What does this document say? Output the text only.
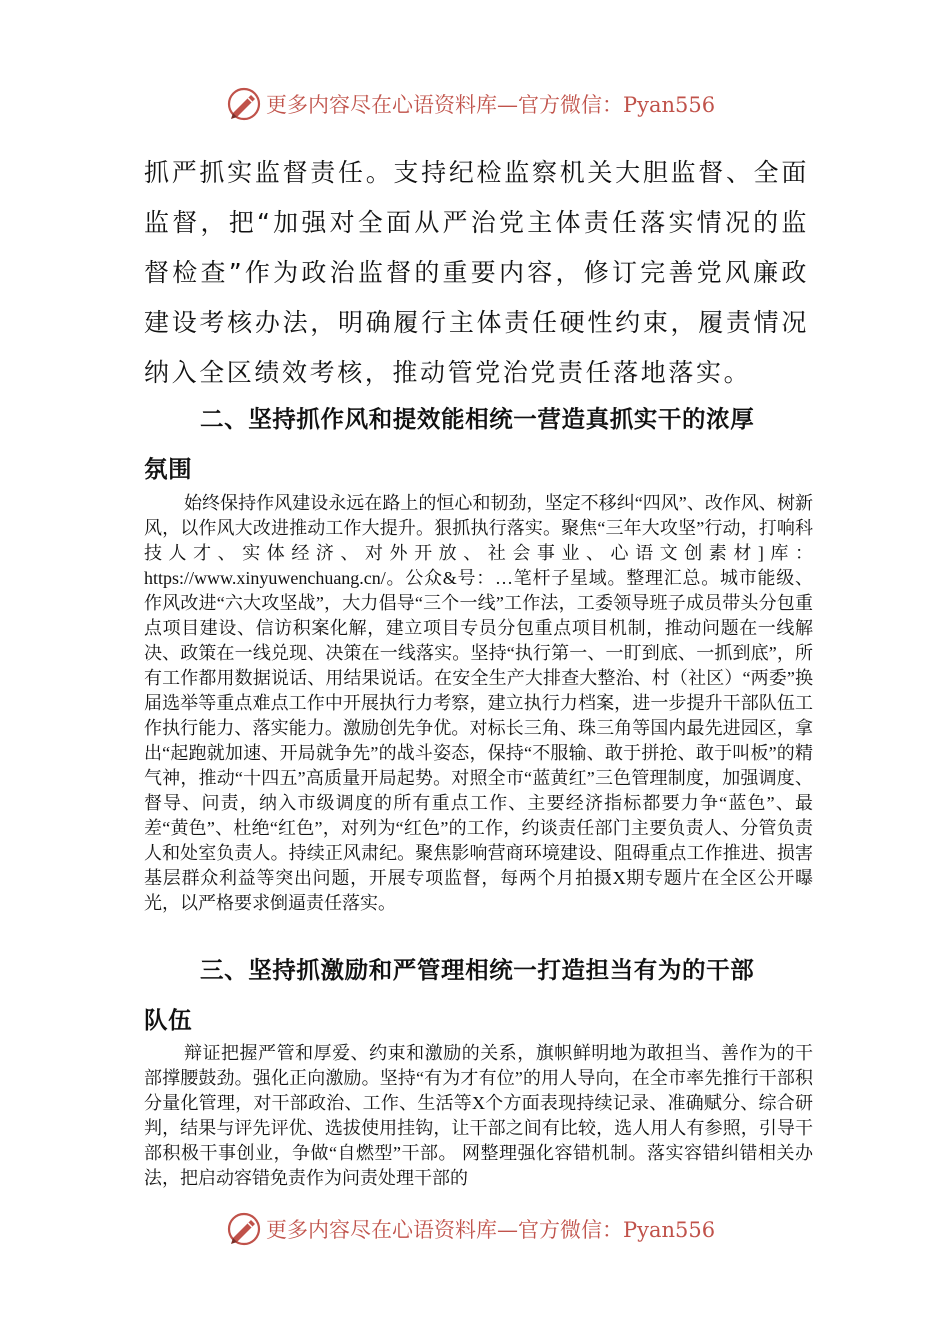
更多内容尽在心语资料库—官方微信：Pyan556

抓严抓实监督责任。支持纪检监察机关大胆监督、全面监督，把“加强对全面从严治党主体责任落实情况的监督检查”作为政治监督的重要内容，修订完善党风廉政建设考核办法，明确履行主体责任硬性约束，履责情况纳入全区绩效考核，推动管党治党责任落地落实。

二、坚持抓作风和提效能相统一营造真抓实干的浓厚

氛围

始终保持作风建设永远在路上的恒心和韧劲，坚定不移纠“四风”、改作风、树新风，以作风大改进推动工作大提升。狠抓执行落实。聚焦“三年大攻坚”行动，打响科技人才、实体经济、对外开放、社会事业、心语文创素材]库：https://www.xinyuwenchuang.cn/。公众&号：…笔杆子星域。整理汇总。城市能级、作风改进“六大攻坚战”，大力倡导“三个一线”工作法，工委领导班子成员带头分包重点项目建设、信访积案化解，建立项目专员分包重点项目机制，推动问题在一线解决、政策在一线兑现、决策在一线落实。坚持“执行第一、一盯到底、一抓到底”，所有工作都用数据说话、用结果说话。在安全生产大排查大整治、村（社区）“两委”换届选举等重点难点工作中开展执行力考察，建立执行力档案，进一步提升干部队伍工作执行能力、落实能力。激励创先争优。对标长三角、珠三角等国内最先进园区，拿出“起跑就加速、开局就争先”的战斗姿态，保持“不服输、敢于拼抢、敢于叫板”的精气神，推动“十四五”高质量开局起势。对照全市“蓝黄红”三色管理制度，加强调度、督导、问责，纳入市级调度的所有重点工作、主要经济指标都要力争“蓝色”、最差“黄色”、杜绝“红色”，对列为“红色”的工作，约谈责任部门主要负责人、分管负责人和处室负责人。持续正风肃纪。聚焦影响营商环境建设、阻碍重点工作推进、损害基层群众利益等突出问题，开展专项监督，每两个月拍摄X期专题片在全区公开曝光，以严格要求倒逼责任落实。

三、坚持抓激励和严管理相统一打造担当有为的干部

队伍

辩证把握严管和厚爱、约束和激励的关系，旗帜鲜明地为敢担当、善作为的干部撑腰鼓劲。强化正向激励。坚持“有为才有位”的用人导向，在全市率先推行干部积分量化管理，对干部政治、工作、生活等X个方面表现持续记录、准确赋分、综合研判，结果与评先评优、选拔使用挂钩，让干部之间有比较，选人用人有参照，引导干部积极干事创业，争做“自燃型”干部。 网整理强化容错机制。落实容错纠错相关办法，把启动容错免责作为问责处理干部的

更多内容尽在心语资料库—官方微信：Pyan556
